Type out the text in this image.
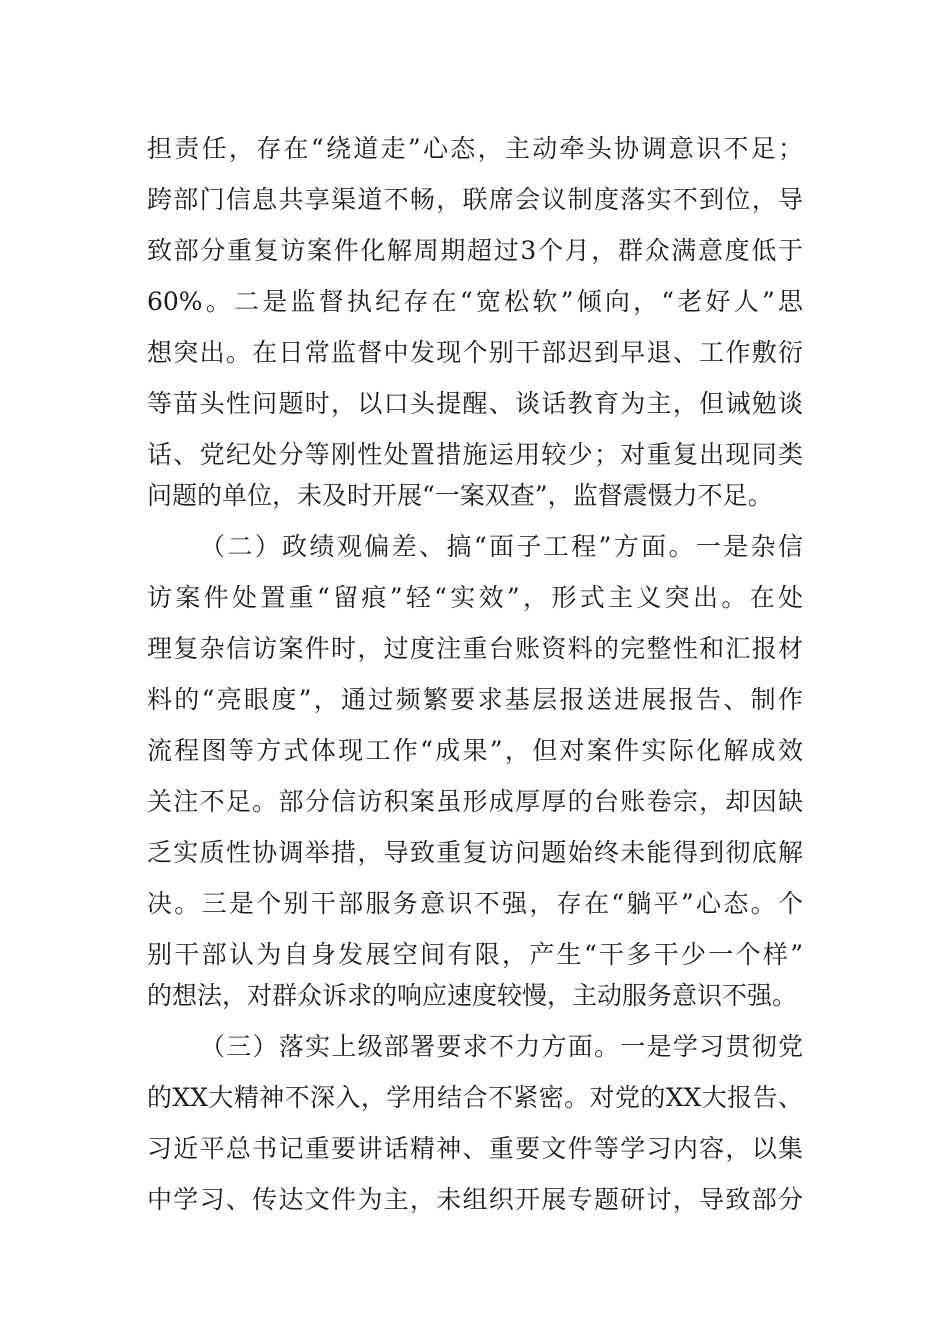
担责任，存在“绕道走”心态，主动牵头协调意识不足；
跨部门信息共享渠道不畅，联席会议制度落实不到位，导
致部分重复访案件化解周期超过3个月，群众满意度低于
60%。二是监督执纪存在“宽松软”倾向，“老好人”思
想突出。在日常监督中发现个别干部迟到早退、工作敷衍
等苗头性问题时，以口头提醒、谈话教育为主，但诫勉谈
话、党纪处分等刚性处置措施运用较少；对重复出现同类
问题的单位，未及时开展“一案双查”，监督震慑力不足。
（二）政绩观偏差、搞“面子工程”方面。一是杂信
访案件处置重“留痕”轻“实效”，形式主义突出。在处
理复杂信访案件时，过度注重台账资料的完整性和汇报材
料的“亮眼度”，通过频繁要求基层报送进展报告、制作
流程图等方式体现工作“成果”，但对案件实际化解成效
关注不足。部分信访积案虽形成厚厚的台账卷宗，却因缺
乏实质性协调举措，导致重复访问题始终未能得到彻底解
决。三是个别干部服务意识不强，存在“躺平”心态。个
别干部认为自身发展空间有限，产生“干多干少一个样”
的想法，对群众诉求的响应速度较慢，主动服务意识不强。
（三）落实上级部署要求不力方面。一是学习贯彻党
的XX大精神不深入，学用结合不紧密。对党的XX大报告、
习近平总书记重要讲话精神、重要文件等学习内容，以集
中学习、传达文件为主，未组织开展专题研讨，导致部分
